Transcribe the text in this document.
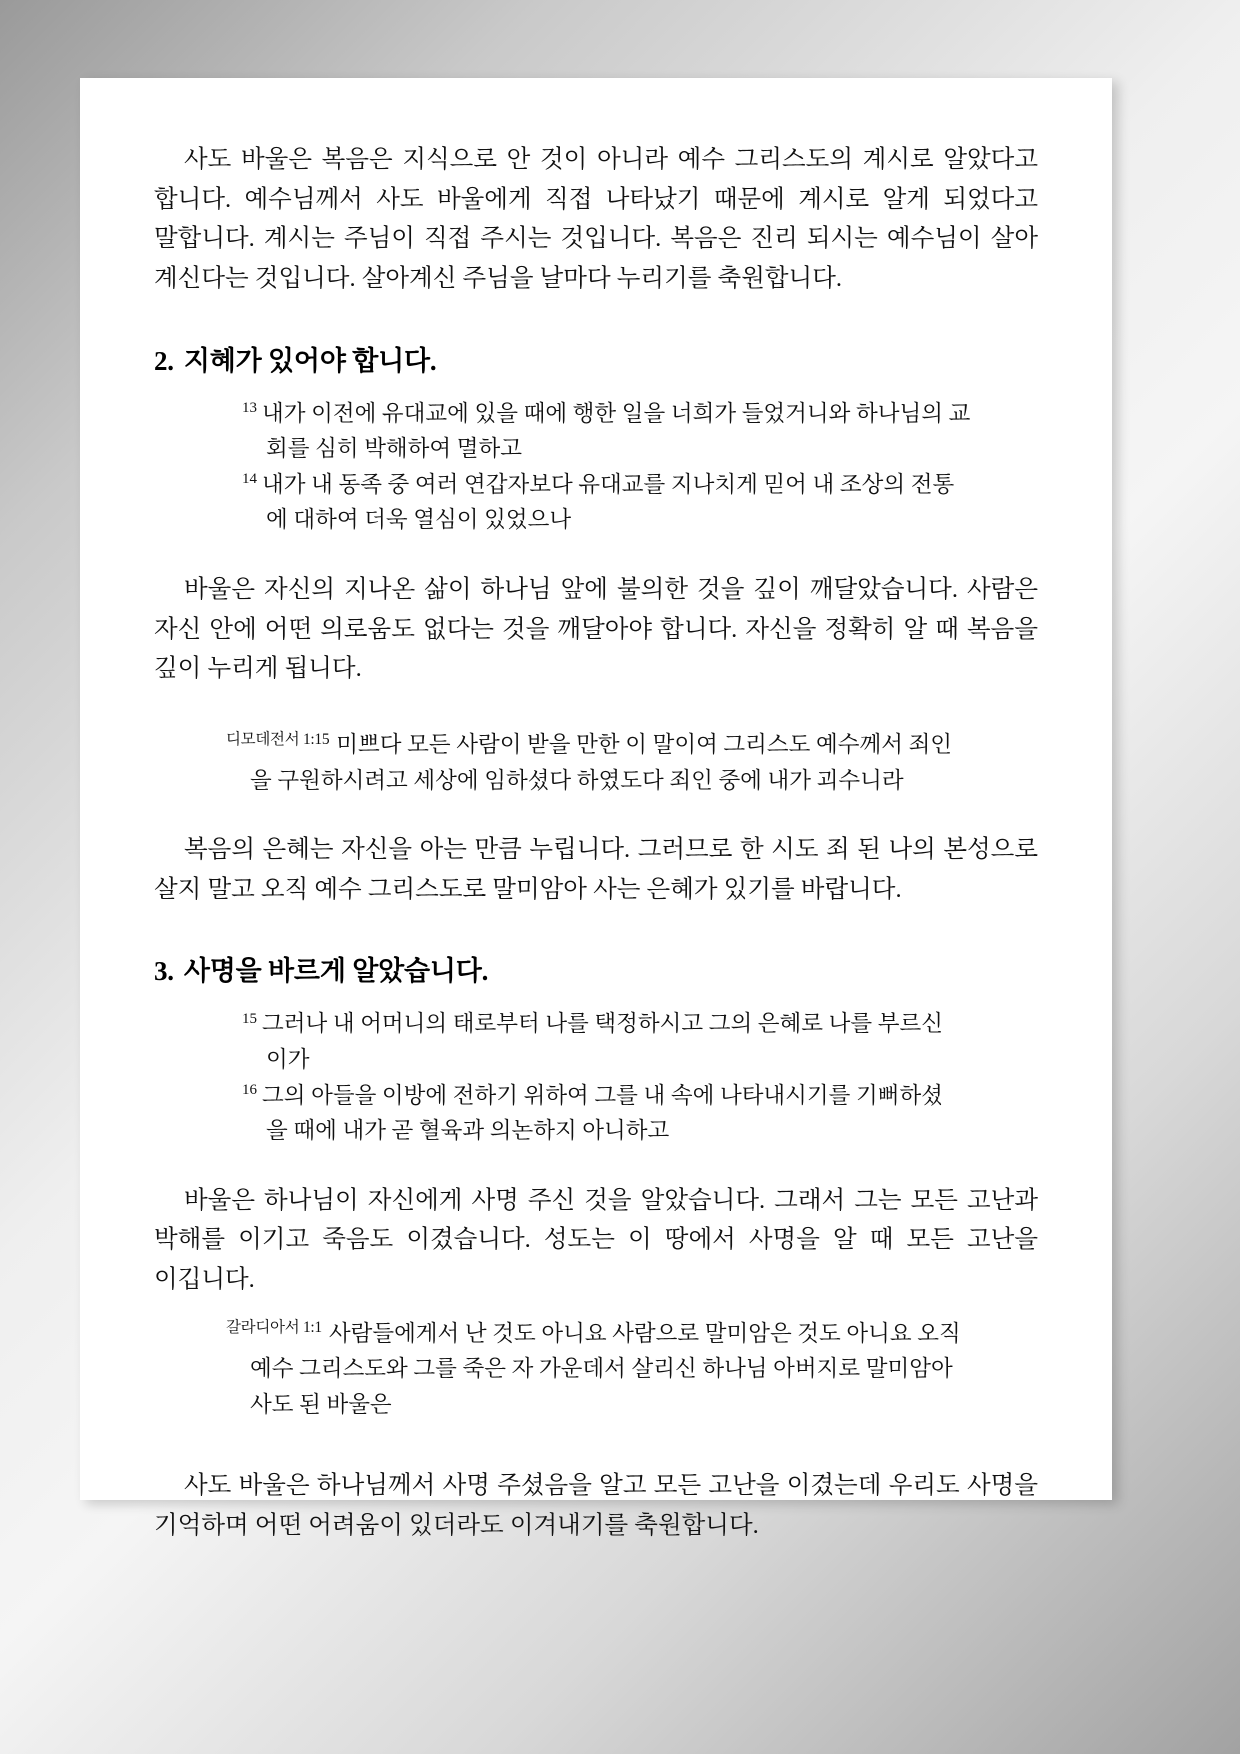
사도 바울은 복음은 지식으로 안 것이 아니라 예수 그리스도의 계시로 알았다고 합니다. 예수님께서 사도 바울에게 직접 나타났기 때문에 계시로 알게 되었다고 말합니다. 계시는 주님이 직접 주시는 것입니다. 복음은 진리 되시는 예수님이 살아 계신다는 것입니다. 살아계신 주님을 날마다 누리기를 축원합니다.

2. 지혜가 있어야 합니다.
$^{13}$ 내가 이전에 유대교에 있을 때에 행한 일을 너희가 들었거니와 하나님의 교
회를 심히 박해하여 멸하고
$^{14}$ 내가 내 동족 중 여러 연갑자보다 유대교를 지나치게 믿어 내 조상의 전통
에 대하여 더욱 열심이 있었으나

바울은 자신의 지나온 삶이 하나님 앞에 불의한 것을 깊이 깨달았습니다. 사람은 자신 안에 어떤 의로움도 없다는 것을 깨달아야 합니다. 자신을 정확히 알 때 복음을 깊이 누리게 됩니다.

$^{디모데전서 1:15}$ 미쁘다 모든 사람이 받을 만한 이 말이여 그리스도 예수께서 죄인
을 구원하시려고 세상에 임하셨다 하였도다 죄인 중에 내가 괴수니라

복음의 은혜는 자신을 아는 만큼 누립니다. 그러므로 한 시도 죄 된 나의 본성으로 살지 말고 오직 예수 그리스도로 말미암아 사는 은혜가 있기를 바랍니다.

3. 사명을 바르게 알았습니다.
$^{15}$ 그러나 내 어머니의 태로부터 나를 택정하시고 그의 은혜로 나를 부르신
이가
$^{16}$ 그의 아들을 이방에 전하기 위하여 그를 내 속에 나타내시기를 기뻐하셨
을 때에 내가 곧 혈육과 의논하지 아니하고

바울은 하나님이 자신에게 사명 주신 것을 알았습니다. 그래서 그는 모든 고난과 박해를 이기고 죽음도 이겼습니다. 성도는 이 땅에서 사명을 알 때 모든 고난을 이깁니다.

$^{갈라디아서 1:1}$ 사람들에게서 난 것도 아니요 사람으로 말미암은 것도 아니요 오직
예수 그리스도와 그를 죽은 자 가운데서 살리신 하나님 아버지로 말미암아
사도 된 바울은

사도 바울은 하나님께서 사명 주셨음을 알고 모든 고난을 이겼는데 우리도 사명을 기억하며 어떤 어려움이 있더라도 이겨내기를 축원합니다.
